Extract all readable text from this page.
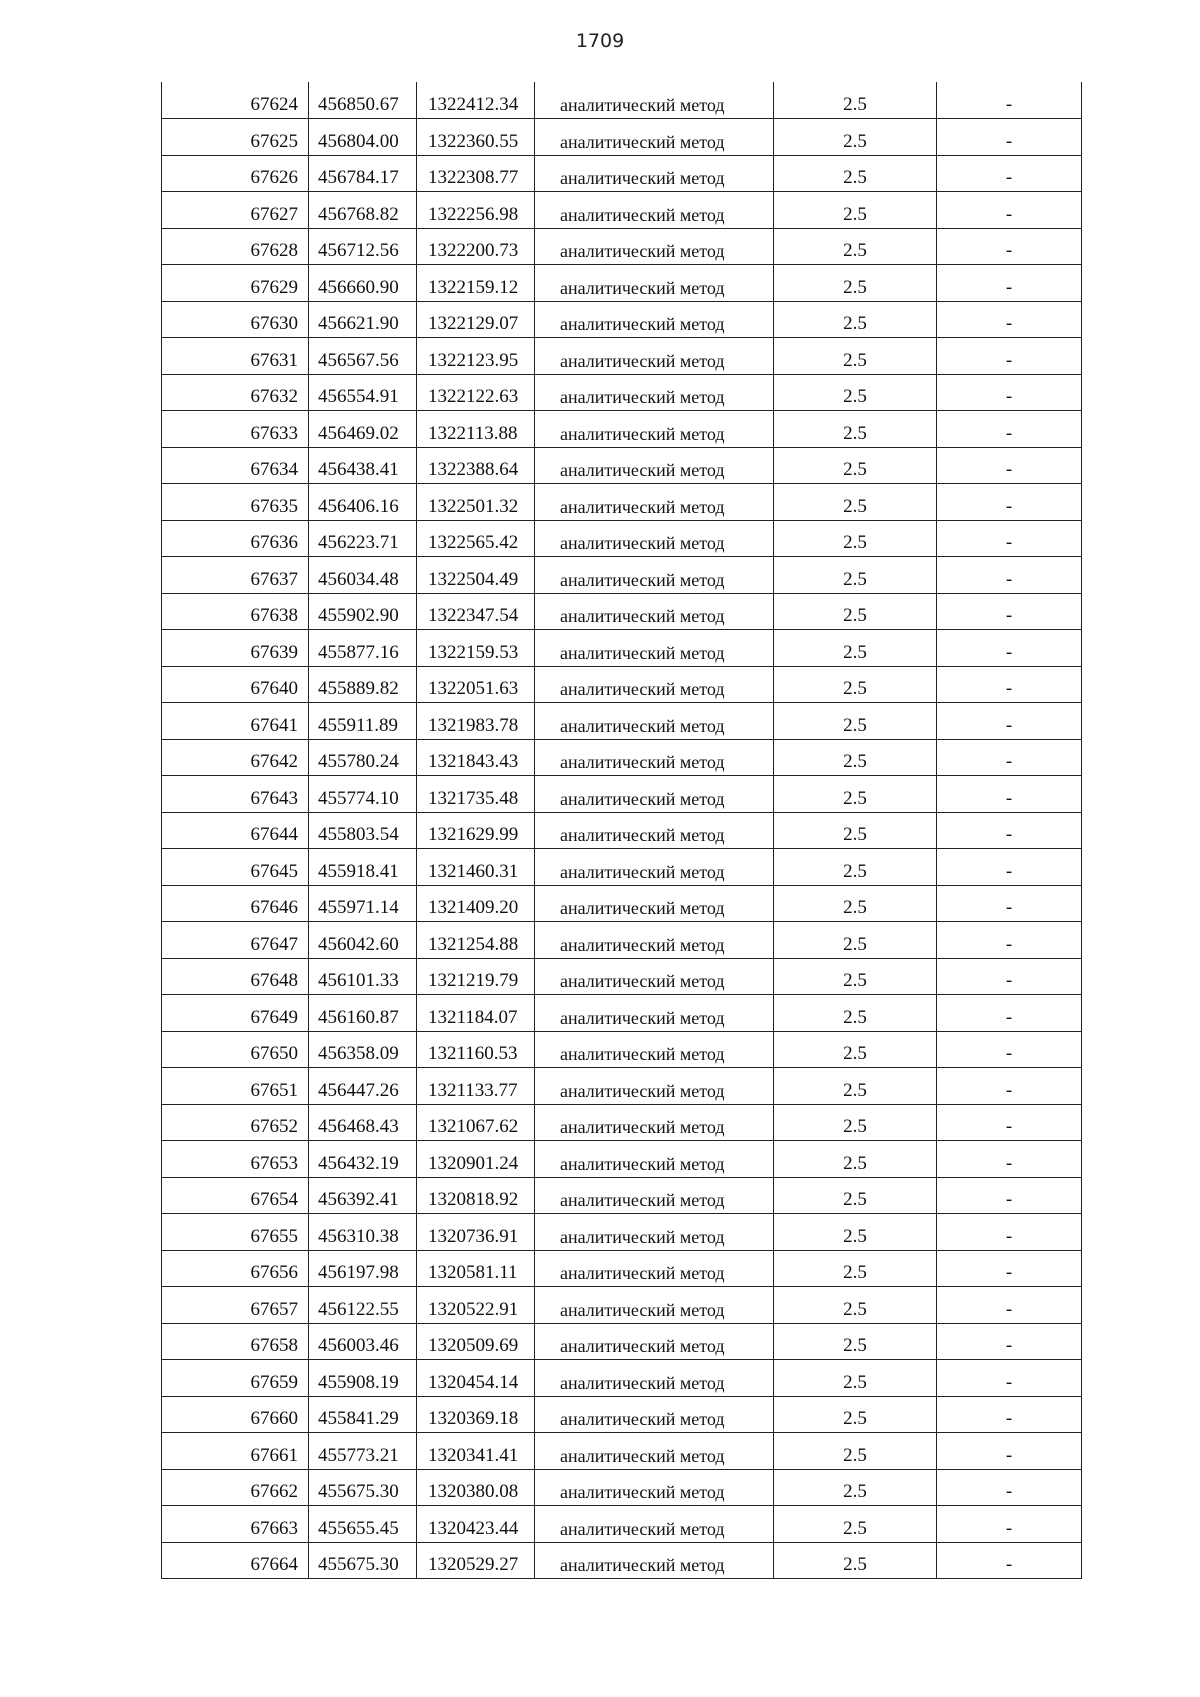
1709
67624	456850.67	1322412.34	аналитический метод	2.5	-
67625	456804.00	1322360.55	аналитический метод	2.5	-
67626	456784.17	1322308.77	аналитический метод	2.5	-
67627	456768.82	1322256.98	аналитический метод	2.5	-
67628	456712.56	1322200.73	аналитический метод	2.5	-
67629	456660.90	1322159.12	аналитический метод	2.5	-
67630	456621.90	1322129.07	аналитический метод	2.5	-
67631	456567.56	1322123.95	аналитический метод	2.5	-
67632	456554.91	1322122.63	аналитический метод	2.5	-
67633	456469.02	1322113.88	аналитический метод	2.5	-
67634	456438.41	1322388.64	аналитический метод	2.5	-
67635	456406.16	1322501.32	аналитический метод	2.5	-
67636	456223.71	1322565.42	аналитический метод	2.5	-
67637	456034.48	1322504.49	аналитический метод	2.5	-
67638	455902.90	1322347.54	аналитический метод	2.5	-
67639	455877.16	1322159.53	аналитический метод	2.5	-
67640	455889.82	1322051.63	аналитический метод	2.5	-
67641	455911.89	1321983.78	аналитический метод	2.5	-
67642	455780.24	1321843.43	аналитический метод	2.5	-
67643	455774.10	1321735.48	аналитический метод	2.5	-
67644	455803.54	1321629.99	аналитический метод	2.5	-
67645	455918.41	1321460.31	аналитический метод	2.5	-
67646	455971.14	1321409.20	аналитический метод	2.5	-
67647	456042.60	1321254.88	аналитический метод	2.5	-
67648	456101.33	1321219.79	аналитический метод	2.5	-
67649	456160.87	1321184.07	аналитический метод	2.5	-
67650	456358.09	1321160.53	аналитический метод	2.5	-
67651	456447.26	1321133.77	аналитический метод	2.5	-
67652	456468.43	1321067.62	аналитический метод	2.5	-
67653	456432.19	1320901.24	аналитический метод	2.5	-
67654	456392.41	1320818.92	аналитический метод	2.5	-
67655	456310.38	1320736.91	аналитический метод	2.5	-
67656	456197.98	1320581.11	аналитический метод	2.5	-
67657	456122.55	1320522.91	аналитический метод	2.5	-
67658	456003.46	1320509.69	аналитический метод	2.5	-
67659	455908.19	1320454.14	аналитический метод	2.5	-
67660	455841.29	1320369.18	аналитический метод	2.5	-
67661	455773.21	1320341.41	аналитический метод	2.5	-
67662	455675.30	1320380.08	аналитический метод	2.5	-
67663	455655.45	1320423.44	аналитический метод	2.5	-
67664	455675.30	1320529.27	аналитический метод	2.5	-
